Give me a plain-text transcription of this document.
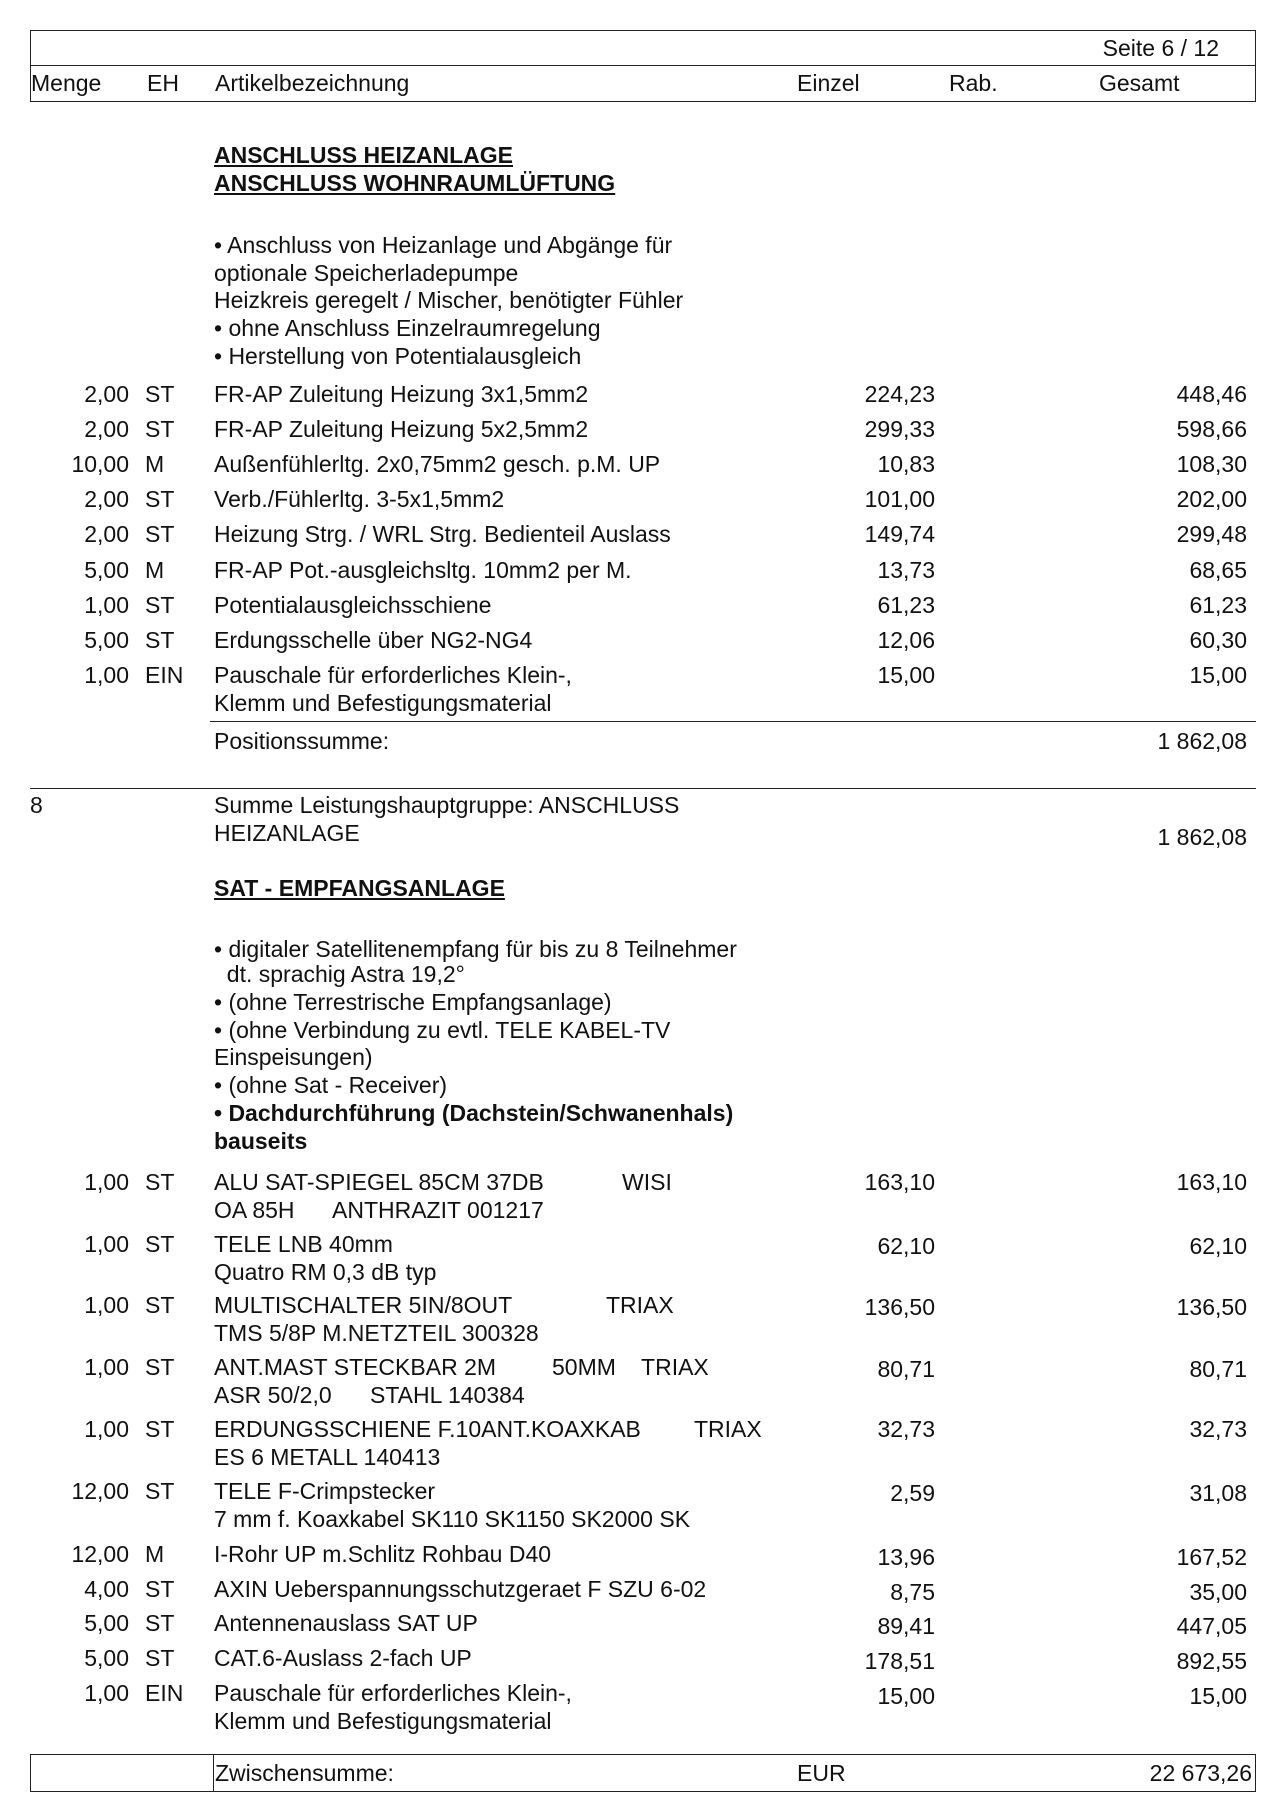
Seite 6 / 12
Menge EH Artikelbezeichnung	Einzel	Rab.	Gesamt
ANSCHLUSS HEIZANLAGE
ANSCHLUSS WOHNRAUMLÜFTUNG
• Anschluss von Heizanlage und Abgänge für
optionale Speicherladepumpe
Heizkreis geregelt / Mischer, benötigter Fühler
• ohne Anschluss Einzelraumregelung
• Herstellung von Potentialausgleich
2,00 ST FR-AP Zuleitung Heizung 3x1,5mm2	224,23	448,46
2,00 ST FR-AP Zuleitung Heizung 5x2,5mm2	299,33	598,66
10,00 M Außenfühlerltg. 2x0,75mm2 gesch. p.M. UP	10,83	108,30
2,00 ST Verb./Fühlerltg. 3-5x1,5mm2	101,00	202,00
2,00 ST Heizung Strg. / WRL Strg. Bedienteil Auslass	149,74	299,48
5,00 M FR-AP Pot.-ausgleichsltg. 10mm2 per M.	13,73	68,65
1,00 ST Potentialausgleichsschiene	61,23	61,23
5,00 ST Erdungsschelle über NG2-NG4	12,06	60,30
1,00 EIN Pauschale für erforderliches Klein-,	15,00	15,00
Klemm und Befestigungsmaterial
Positionssumme:	1 862,08
8	Summe Leistungshauptgruppe: ANSCHLUSS
HEIZANLAGE	1 862,08
SAT - EMPFANGSANLAGE
• digitaler Satellitenempfang für bis zu 8 Teilnehmer
dt. sprachig Astra 19,2°
• (ohne Terrestrische Empfangsanlage)
• (ohne Verbindung zu evtl. TELE KABEL-TV
Einspeisungen)
• (ohne Sat - Receiver)
• Dachdurchführung (Dachstein/Schwanenhals)
bauseits
1,00 ST ALU SAT-SPIEGEL 85CM 37DB	WISI	163,10	163,10
OA 85H ANTHRAZIT 001217
1,00 ST TELE LNB 40mm	62,10	62,10
Quatro RM 0,3 dB typ
1,00 ST MULTISCHALTER 5IN/8OUT	TRIAX	136,50	136,50
TMS 5/8P M.NETZTEIL 300328
1,00 ST ANT.MAST STECKBAR 2M 50MM    TRIAX	80,71	80,71
ASR 50/2,0 STAHL 140384
1,00 ST ERDUNGSSCHIENE F.10ANT.KOAXKAB TRIAX	32,73	32,73
ES 6 METALL 140413
12,00 ST TELE F-Crimpstecker	2,59	31,08
7 mm f. Koaxkabel SK110 SK1150 SK2000 SK
12,00 M I-Rohr UP m.Schlitz Rohbau D40	13,96	167,52
4,00 ST AXIN Ueberspannungsschutzgeraet F SZU 6-02	8,75	35,00
5,00 ST Antennenauslass SAT UP	89,41	447,05
5,00 ST CAT.6-Auslass 2-fach UP	178,51	892,55
1,00 EIN Pauschale für erforderliches Klein-,	15,00	15,00
Klemm und Befestigungsmaterial
Zwischensumme:	EUR	22 673,26
